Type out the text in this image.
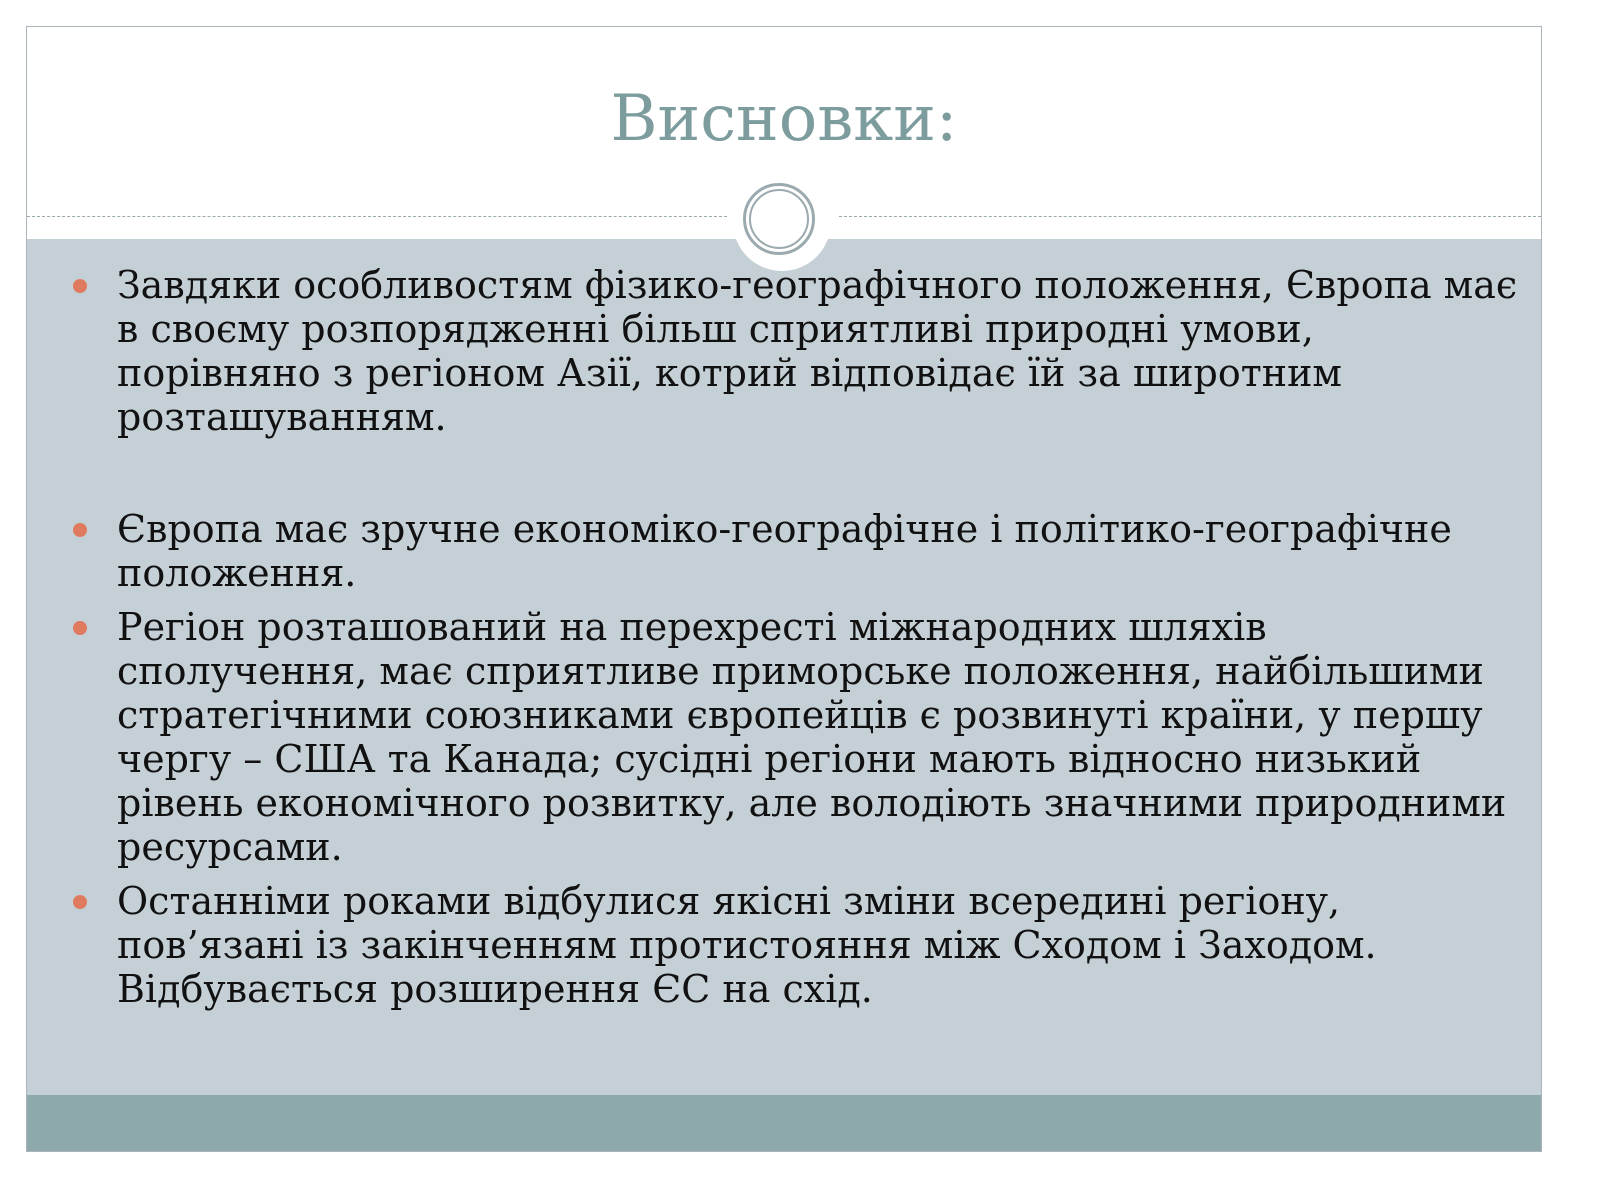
Висновки:
Завдяки особливостям фізико-географічного положення, Європа має в своєму розпорядженні більш сприятливі природні умови, порівняно з регіоном Азії, котрий відповідає їй за широтним розташуванням.
Європа має зручне економіко-географічне і політико-географічне положення.
Регіон розташований на перехресті міжнародних шляхів сполучення, має сприятливе приморське положення, найбільшими стратегічними союзниками європейців є розвинуті країни, у першу чергу – США та Канада; сусідні регіони мають відносно низький рівень економічного розвитку, але володіють значними природними ресурсами.
Останніми роками відбулися якісні зміни всередині регіону, пов’язані із закінченням протистояння між Сходом і Заходом. Відбувається розширення ЄС на схід.
